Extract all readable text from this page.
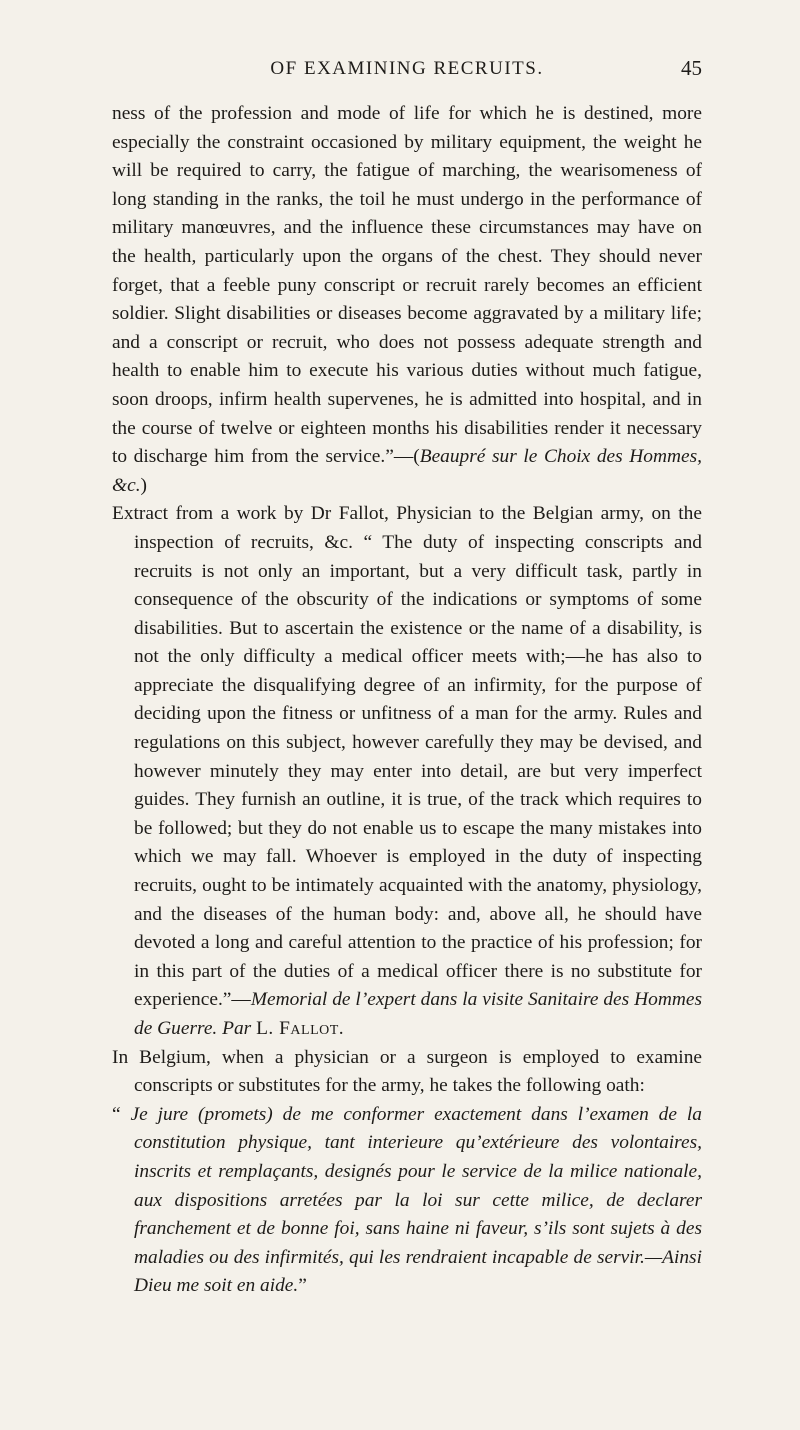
OF EXAMINING RECRUITS.	45

ness of the profession and mode of life for which he is destined, more especially the constraint occasioned by military equipment, the weight he will be required to carry, the fatigue of marching, the wearisomeness of long standing in the ranks, the toil he must undergo in the performance of military manœuvres, and the influence these circumstances may have on the health, particularly upon the organs of the chest. They should never forget, that a feeble puny conscript or recruit rarely becomes an efficient soldier. Slight disabilities or diseases become aggravated by a military life; and a conscript or recruit, who does not possess adequate strength and health to enable him to execute his various duties without much fatigue, soon droops, infirm health supervenes, he is admitted into hospital, and in the course of twelve or eighteen months his disabilities render it necessary to discharge him from the service.”—(Beaupré sur le Choix des Hommes, &c.)

Extract from a work by Dr Fallot, Physician to the Belgian army, on the inspection of recruits, &c. “ The duty of inspecting conscripts and recruits is not only an important, but a very difficult task, partly in consequence of the obscurity of the indications or symptoms of some disabilities. But to ascertain the existence or the name of a disability, is not the only difficulty a medical officer meets with;—he has also to appreciate the disqualifying degree of an infirmity, for the purpose of deciding upon the fitness or unfitness of a man for the army. Rules and regulations on this subject, however carefully they may be devised, and however minutely they may enter into detail, are but very imperfect guides. They furnish an outline, it is true, of the track which requires to be followed; but they do not enable us to escape the many mistakes into which we may fall. Whoever is employed in the duty of inspecting recruits, ought to be intimately acquainted with the anatomy, physiology, and the diseases of the human body: and, above all, he should have devoted a long and careful attention to the practice of his profession; for in this part of the duties of a medical officer there is no substitute for experience.”—Memorial de l’expert dans la visite Sanitaire des Hommes de Guerre. Par L. Fallot.

In Belgium, when a physician or a surgeon is employed to examine conscripts or substitutes for the army, he takes the following oath:

“ Je jure (promets) de me conformer exactement dans l’examen de la constitution physique, tant interieure qu’extérieure des volontaires, inscrits et remplaçants, designés pour le service de la milice nationale, aux dispositions arretées par la loi sur cette milice, de declarer franchement et de bonne foi, sans haine ni faveur, s’ils sont sujets à des maladies ou des infirmités, qui les rendraient incapable de servir.—Ainsi Dieu me soit en aide.”
